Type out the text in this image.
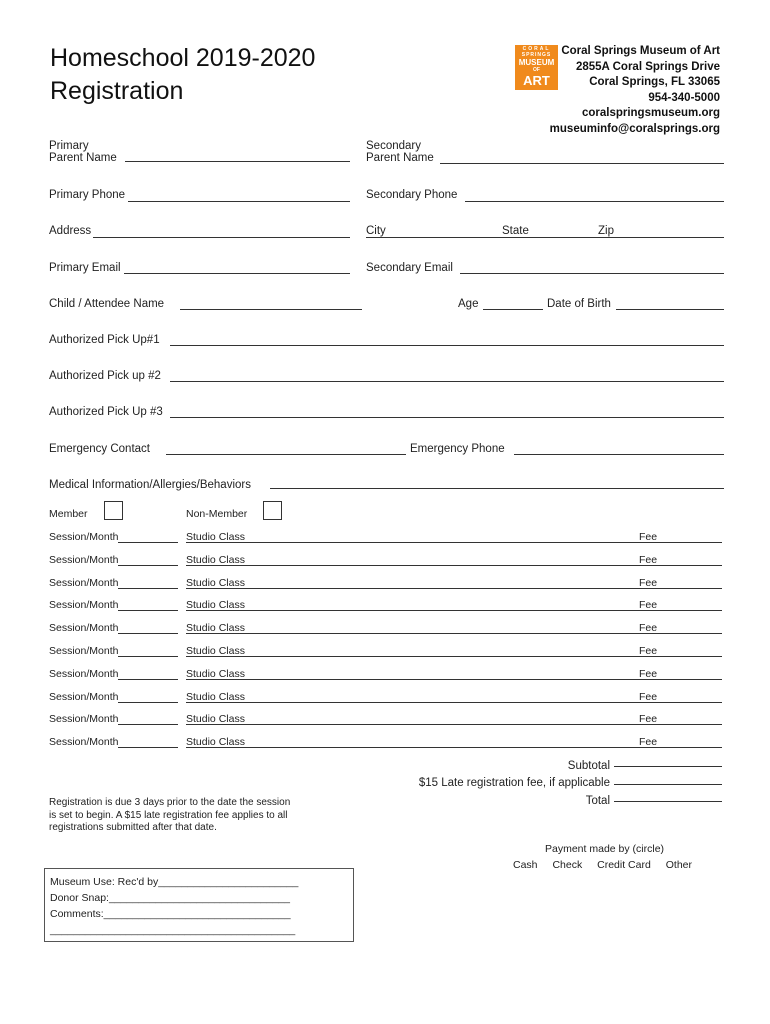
Homeschool 2019-2020
Registration
CORAL
SPRINGS
MUSEUM
OF
ART
Coral Springs Museum of Art
2855A Coral Springs Drive
Coral Springs, FL 33065
954-340-5000
coralspringsmuseum.org
museuminfo@coralsprings.org
Primary
Parent Name
Secondary
Parent Name
Primary Phone	Secondary Phone
Address	City	State	Zip
Primary Email	Secondary Email
Child / Attendee Name	Age	Date of Birth
Authorized Pick Up#1
Authorized Pick up #2
Authorized Pick Up #3
Emergency Contact	Emergency Phone
Medical Information/Allergies/Behaviors
Member	Non-Member
Session/Month	Studio Class	Fee
Session/Month	Studio Class	Fee
Session/Month	Studio Class	Fee
Session/Month	Studio Class	Fee
Session/Month	Studio Class	Fee
Session/Month	Studio Class	Fee
Session/Month	Studio Class	Fee
Session/Month	Studio Class	Fee
Session/Month	Studio Class	Fee
Session/Month	Studio Class	Fee
Subtotal
$15 Late registration fee, if applicable
Total
Registration is due 3 days prior to the date the session
is set to begin. A $15 late registration fee applies to all
registrations submitted after that date.
Payment made by (circle)
Cash Check Credit Card Other
Museum Use: Rec'd by________________________
Donor Snap:_______________________________
Comments:________________________________
__________________________________________
